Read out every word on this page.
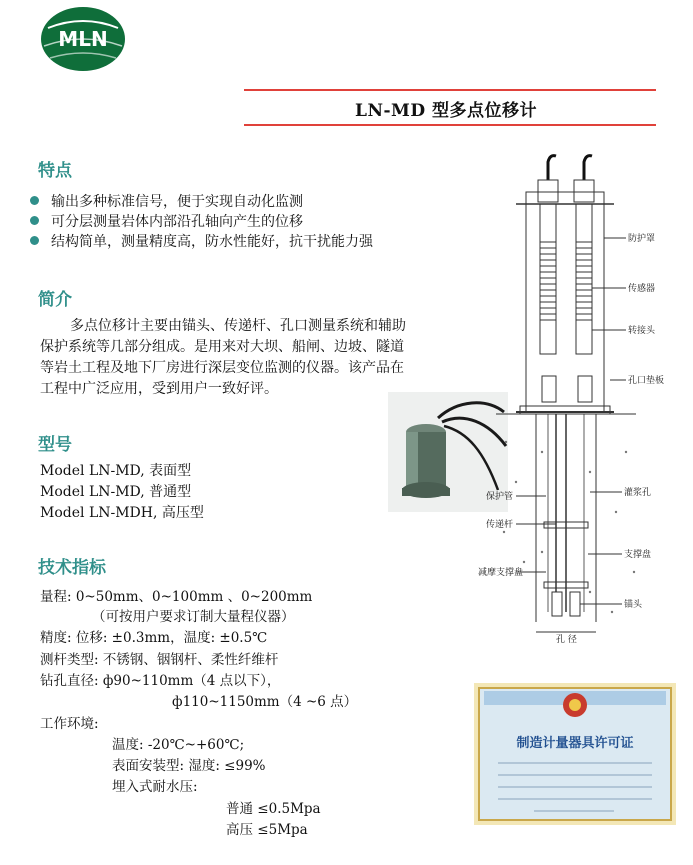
MLN
LN-MD 型多点位移计
特点
输出多种标准信号，便于实现自动化监测
可分层测量岩体内部沿孔轴向产生的位移
结构简单，测量精度高，防水性能好，抗干扰能力强
简介
多点位移计主要由锚头、传递杆、孔口测量系统和辅助
保护系统等几部分组成。是用来对大坝、船闸、边坡、隧道
等岩土工程及地下厂房进行深层变位监测的仪器。该产品在
工程中广泛应用，受到用户一致好评。
型号
Model LN-MD, 表面型
Model LN-MD, 普通型
Model LN-MDH, 高压型
技术指标
量程: 0~50mm、0~100mm 、0~200mm
（可按用户要求订制大量程仪器）
精度: 位移: ±0.3mm，温度: ±0.5℃
测杆类型: 不锈钢、铟钢杆、柔性纤维杆
钻孔直径: ф90~110mm（4 点以下），
ф110~1150mm（4 ~6 点）
工作环境:
温度: -20℃~+60℃;
表面安装型: 湿度: ≤99%
埋入式耐水压:
普通 ≤0.5Mpa
高压 ≤5Mpa
防护罩
传感器
转接头
孔口垫板
灌浆孔
保护管
传递杆
减摩支撑盘
支撑盘
锚头
孔 径
制造计量器具许可证
